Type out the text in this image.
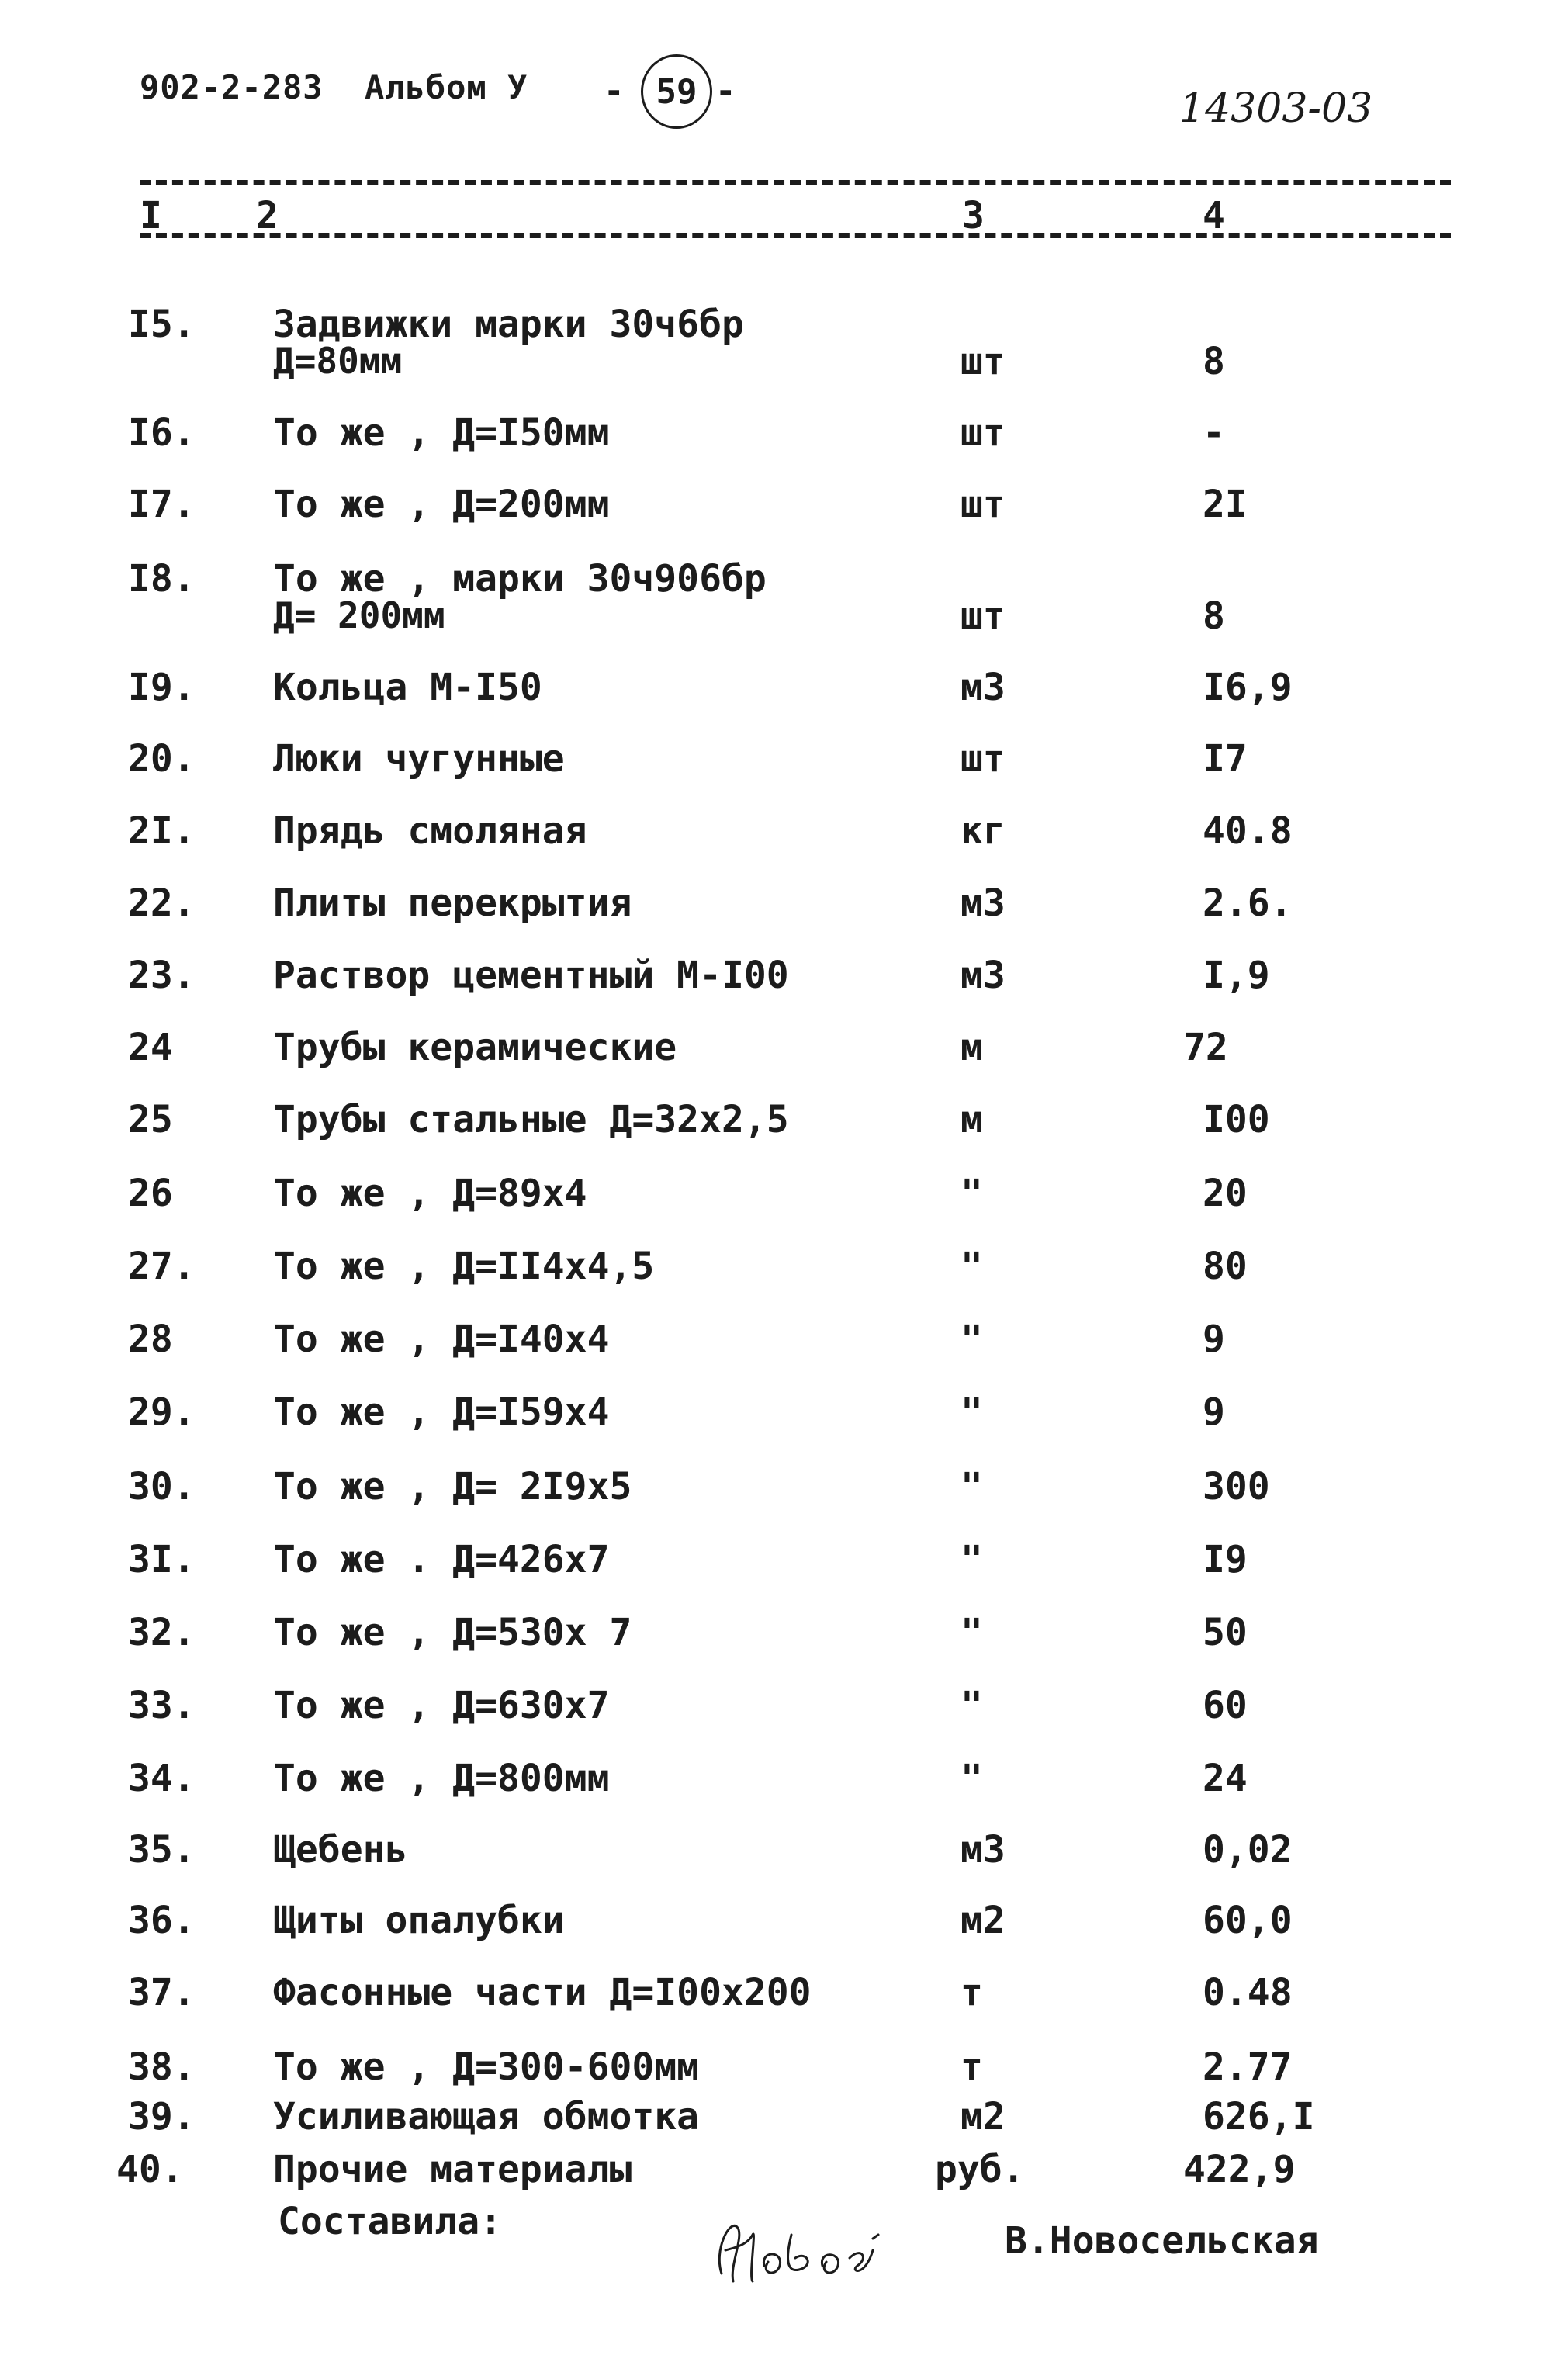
902-2-283 Альбом У - 59 -	14303-03
I	2	3	4
I5. Задвижки марки 30ч6бр
Д=80мм	шт	8
I6. То же , Д=I50мм	шт	-
I7. То же , Д=200мм	шт	2I
I8. То же , марки 30ч906бр
Д= 200мм	шт	8
I9. Кольца М-I50	м3	I6,9
20. Люки чугунные	шт	I7
2I. Прядь смоляная	кг	40.8
22. Плиты перекрытия	м3	2.6.
23. Раствор цементный М-I00	м3	I,9
24	Трубы керамические	м	72
25	Трубы стальные Д=32х2,5	м	I00
26	То же , Д=89х4	"	20
27. То же , Д=II4х4,5	"	80
28	То же , Д=I40х4	"	9
29. То же , Д=I59х4	"	9
30. То же , Д= 2I9х5	"	300
3I. То же . Д=426х7	"	I9
32. То же , Д=530х 7	"	50
33. То же , Д=630х7	"	60
34. То же , Д=800мм	"	24
35. Щебень	м3	0,02
36. Щиты опалубки	м2	60,0
37. Фасонные части Д=I00х200	т	0.48
38. То же , Д=300-600мм	т	2.77
39. Усиливающая обмотка	м2	626,I
40. Прочие материалы	руб.	422,9
Составила:	В.Новосельская
